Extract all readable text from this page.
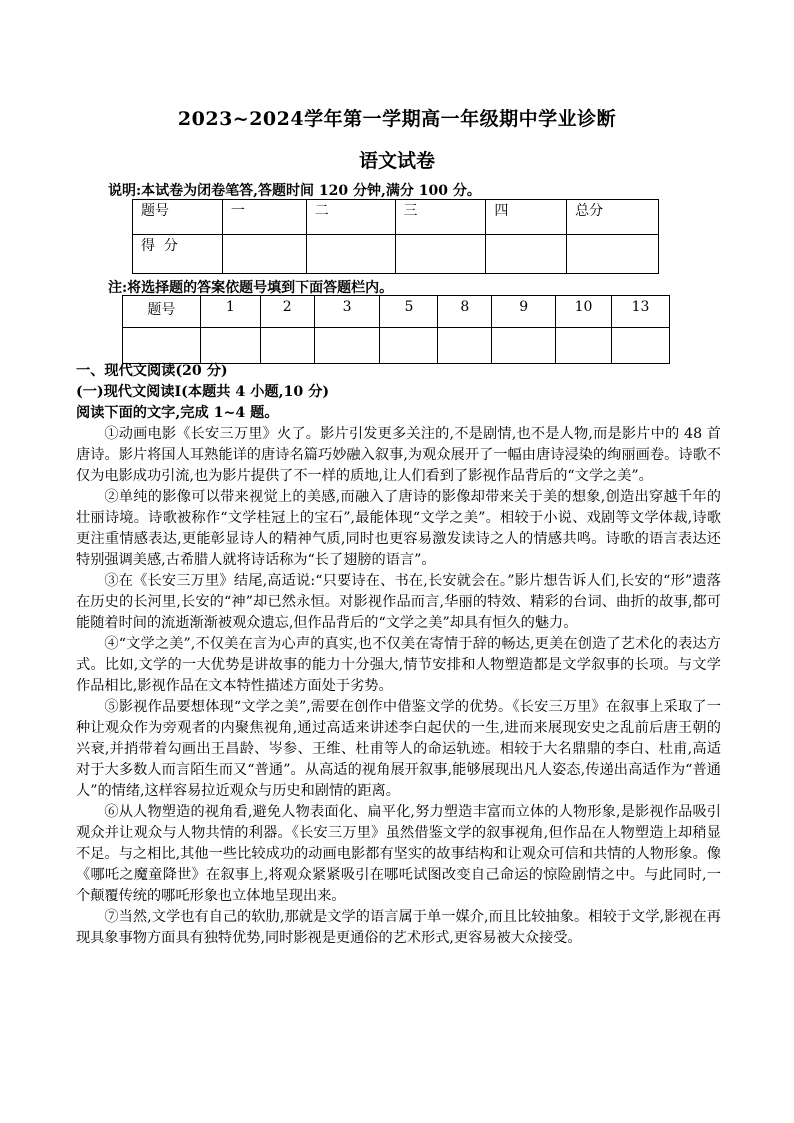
2023~2024学年第一学期高一年级期中学业诊断
语文试卷
说明:本试卷为闭卷笔答,答题时间 120 分钟,满分 100 分。
题号	一	二	三	四	总分
得  分					
注:将选择题的答案依题号填到下面答题栏内。
题号	1	2	3	5	8	9	10	13

一、现代文阅读(20 分)
(一)现代文阅读I(本题共 4 小题,10 分)
阅读下面的文字,完成 1~4 题。

①动画电影《长安三万里》火了。影片引发更多关注的,不是剧情,也不是人物,而是影片中的 48 首唐诗。影片将国人耳熟能详的唐诗名篇巧妙融入叙事,为观众展开了一幅由唐诗浸染的绚丽画卷。诗歌不仅为电影成功引流,也为影片提供了不一样的质地,让人们看到了影视作品背后的“文学之美”。

②单纯的影像可以带来视觉上的美感,而融入了唐诗的影像却带来关于美的想象,创造出穿越千年的壮丽诗境。诗歌被称作“文学桂冠上的宝石”,最能体现“文学之美”。相较于小说、戏剧等文学体裁,诗歌更注重情感表达,更能彰显诗人的精神气质,同时也更容易激发读诗之人的情感共鸣。诗歌的语言表达还特别强调美感,古希腊人就将诗话称为“长了翅膀的语言”。

③在《长安三万里》结尾,高适说:“只要诗在、书在,长安就会在。”影片想告诉人们,长安的“形”遗落在历史的长河里,长安的“神”却已然永恒。对影视作品而言,华丽的特效、精彩的台词、曲折的故事,都可能随着时间的流逝渐渐被观众遗忘,但作品背后的“文学之美”却具有恒久的魅力。

④“文学之美”,不仅美在言为心声的真实,也不仅美在寄情于辞的畅达,更美在创造了艺术化的表达方式。比如,文学的一大优势是讲故事的能力十分强大,情节安排和人物塑造都是文学叙事的长项。与文学作品相比,影视作品在文本特性描述方面处于劣势。

⑤影视作品要想体现“文学之美”,需要在创作中借鉴文学的优势。《长安三万里》在叙事上采取了一种让观众作为旁观者的内聚焦视角,通过高适来讲述李白起伏的一生,进而来展现安史之乱前后唐王朝的兴衰,并捎带着勾画出王昌龄、岑参、王维、杜甫等人的命运轨迹。相较于大名鼎鼎的李白、杜甫,高适对于大多数人而言陌生而又“普通”。从高适的视角展开叙事,能够展现出凡人姿态,传递出高适作为“普通人”的情绪,这样容易拉近观众与历史和剧情的距离。

⑥从人物塑造的视角看,避免人物表面化、扁平化,努力塑造丰富而立体的人物形象,是影视作品吸引观众并让观众与人物共情的利器。《长安三万里》虽然借鉴文学的叙事视角,但作品在人物塑造上却稍显不足。与之相比,其他一些比较成功的动画电影都有坚实的故事结构和让观众可信和共情的人物形象。像《哪吒之魔童降世》在叙事上,将观众紧紧吸引在哪吒试图改变自己命运的惊险剧情之中。与此同时,一个颠覆传统的哪吒形象也立体地呈现出来。

⑦当然,文学也有自己的软肋,那就是文学的语言属于单一媒介,而且比较抽象。相较于文学,影视在再现具象事物方面具有独特优势,同时影视是更通俗的艺术形式,更容易被大众接受。
